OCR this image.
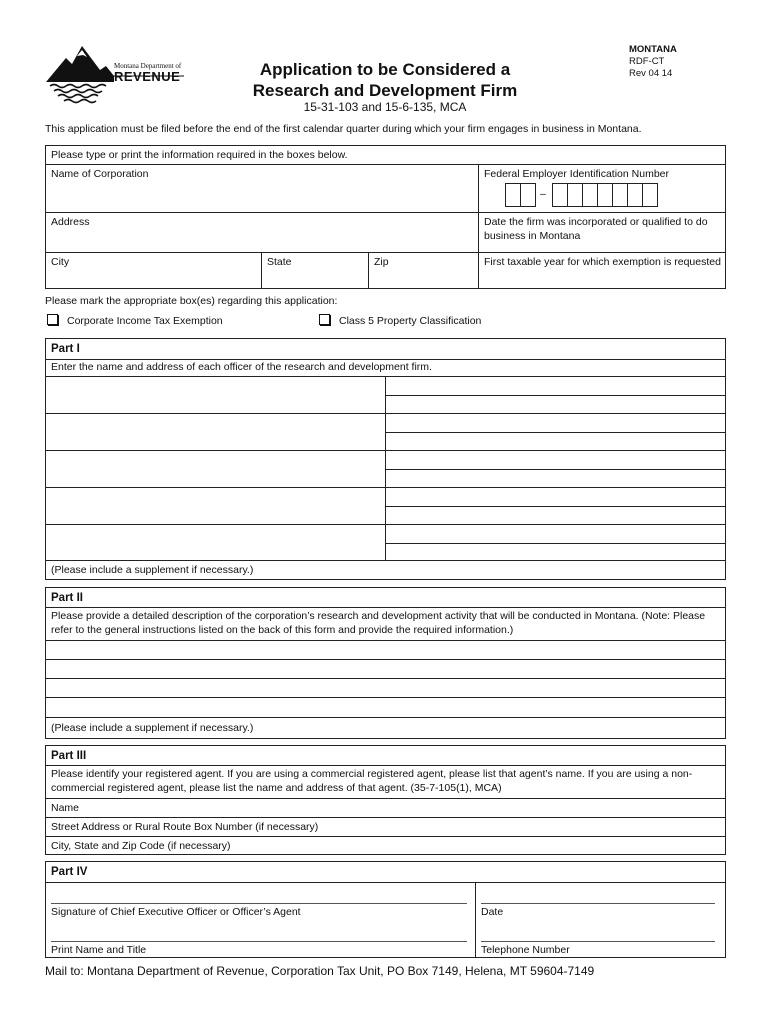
Montana Department of
REVENUE	Application to be Considered a
Research and Development Firm
15-31-103 and 15-6-135, MCA
MONTANA
RDF-CT
Rev 04 14
This application must be filed before the end of the first calendar quarter during which your firm engages in business in Montana.
Please type or print the information required in the boxes below.
Name of Corporation	Federal Employer Identification Number
–
Address	Date the firm was incorporated or qualified to do business in Montana
City	State	Zip	First taxable year for which exemption is requested
Please mark the appropriate box(es) regarding this application:
Corporate Income Tax Exemption	Class 5 Property Classification
Part I
Enter the name and address of each officer of the research and development firm.
(Please include a supplement if necessary.)
Part II
Please provide a detailed description of the corporation’s research and development activity that will be conducted in Montana. (Note: Please refer to the general instructions listed on the back of this form and provide the required information.)
(Please include a supplement if necessary.)
Part III
Please identify your registered agent. If you are using a commercial registered agent, please list that agent’s name. If you are using a non-commercial registered agent, please list the name and address of that agent. (35-7-105(1), MCA)
Name
Street Address or Rural Route Box Number (if necessary)
City, State and Zip Code (if necessary)
Part IV
Signature of Chief Executive Officer or Officer’s Agent	Date
Print Name and Title	Telephone Number
Mail to: Montana Department of Revenue, Corporation Tax Unit, PO Box 7149, Helena, MT 59604-7149
